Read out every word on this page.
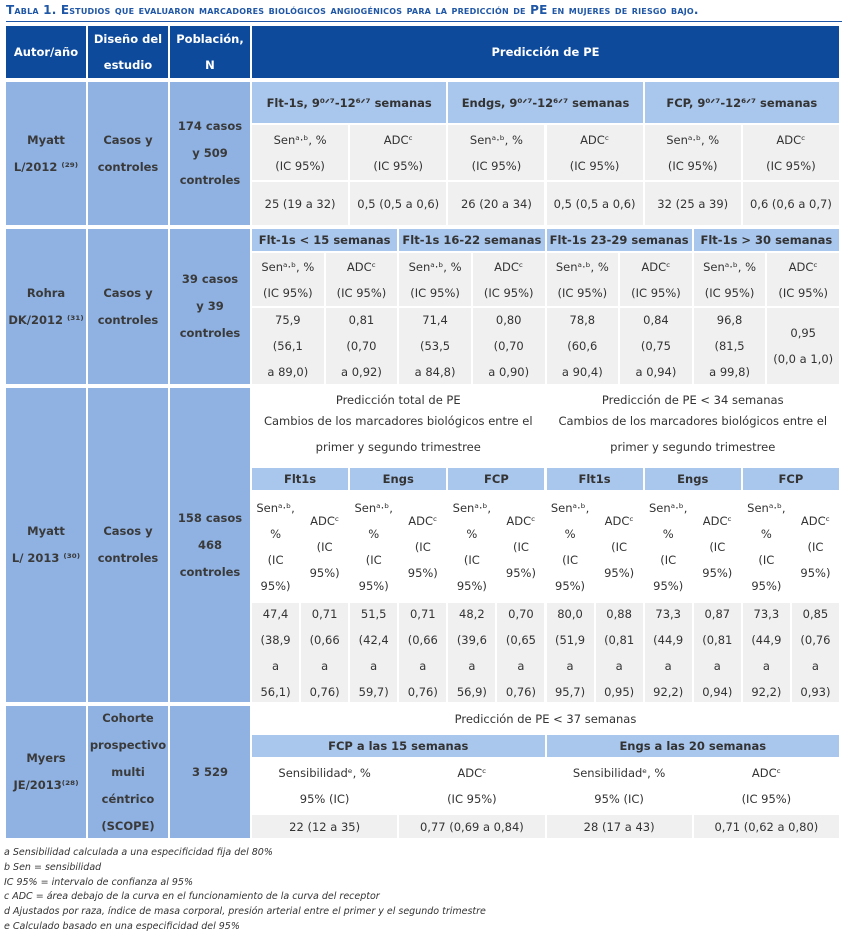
Tabla 1. Estudios que evaluaron marcadores biológicos angiogénicos para la predicción de PE en mujeres de riesgo bajo.
Autor/año
Diseño del
estudio
Población,
N
Predicción de PE
Myatt
L/2012 ⁽²⁹⁾
Casos y
controles
174 casos
y 509
controles
Flt-1s, 9⁰ᐟ⁷-12⁶ᐟ⁷ semanas
Senᵃ·ᵇ, %
(IC 95%)
25 (19 a 32)
ADCᶜ
(IC 95%)
0,5 (0,5 a 0,6)
Endgs, 9⁰ᐟ⁷-12⁶ᐟ⁷ semanas
Senᵃ·ᵇ, %
(IC 95%)
26 (20 a 34)
ADCᶜ
(IC 95%)
0,5 (0,5 a 0,6)
FCP, 9⁰ᐟ⁷-12⁶ᐟ⁷ semanas
Senᵃ·ᵇ, %
(IC 95%)
32 (25 a 39)
ADCᶜ
(IC 95%)
0,6 (0,6 a 0,7)
Rohra
DK/2012 ⁽³¹⁾
Casos y
controles
39 casos
y 39
controles
Flt-1s < 15 semanas
Senᵃ·ᵇ, %
(IC 95%)
75,9
(56,1
a 89,0)
ADCᶜ
(IC 95%)
0,81
(0,70
a 0,92)
Flt-1s 16-22 semanas
Senᵃ·ᵇ, %
(IC 95%)
71,4
(53,5
a 84,8)
ADCᶜ
(IC 95%)
0,80
(0,70
a 0,90)
Flt-1s 23-29 semanas
Senᵃ·ᵇ, %
(IC 95%)
78,8
(60,6
a 90,4)
ADCᶜ
(IC 95%)
0,84
(0,75
a 0,94)
Flt-1s > 30 semanas
Senᵃ·ᵇ, %
(IC 95%)
96,8
(81,5
a 99,8)
ADCᶜ
(IC 95%)
0,95
(0,0 a 1,0)
Myatt
L/ 2013 ⁽³⁰⁾
Casos y
controles
158 casos
468
controles
Predicción total de PE
Cambios de los marcadores biológicos entre el
primer y segundo trimestree
Predicción de PE < 34 semanas
Cambios de los marcadores biológicos entre el
primer y segundo trimestree
Flt1s
Senᵃ·ᵇ,
%
(IC
95%)
47,4
(38,9
a
56,1)
ADCᶜ
(IC
95%)
0,71
(0,66
a
0,76)
Engs
Senᵃ·ᵇ,
%
(IC
95%)
51,5
(42,4
a
59,7)
ADCᶜ
(IC
95%)
0,71
(0,66
a
0,76)
FCP
Senᵃ·ᵇ,
%
(IC
95%)
48,2
(39,6
a
56,9)
ADCᶜ
(IC
95%)
0,70
(0,65
a
0,76)
Flt1s
Senᵃ·ᵇ,
%
(IC
95%)
80,0
(51,9
a
95,7)
ADCᶜ
(IC
95%)
0,88
(0,81
a
0,95)
Engs
Senᵃ·ᵇ,
%
(IC
95%)
73,3
(44,9
a
92,2)
ADCᶜ
(IC
95%)
0,87
(0,81
a
0,94)
FCP
Senᵃ·ᵇ,
%
(IC
95%)
73,3
(44,9
a
92,2)
ADCᶜ
(IC
95%)
0,85
(0,76
a
0,93)
Myers
JE/2013⁽²⁸⁾
Cohorte
prospectivo
multi
céntrico
(SCOPE)
3 529
Predicción de PE < 37 semanas
FCP a las 15 semanas
Sensibilidadᵉ, %
95% (IC)
22 (12 a 35)
ADCᶜ
(IC 95%)
0,77 (0,69 a 0,84)
Engs a las 20 semanas
Sensibilidadᵉ, %
95% (IC)
28 (17 a 43)
ADCᶜ
(IC 95%)
0,71 (0,62 a 0,80)
a Sensibilidad calculada a una especificidad fija del 80%
b Sen = sensibilidad
IC 95% = intervalo de confianza al 95%
c ADC = área debajo de la curva en el funcionamiento de la curva del receptor
d Ajustados por raza, índice de masa corporal, presión arterial entre el primer y el segundo trimestre
e Calculado basado en una especificidad del 95%
